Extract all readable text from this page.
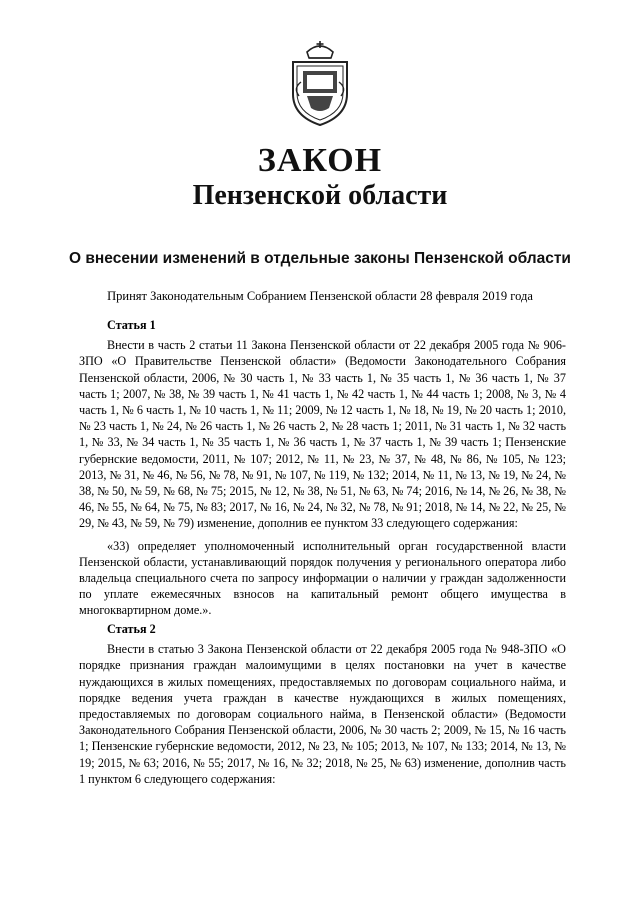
ЗАКОН
Пензенской области
О внесении изменений в отдельные законы Пензенской области
Принят Законодательным Собранием Пензенской области 28 февраля 2019 года

Статья 1

Внести в часть 2 статьи 11 Закона Пензенской области от 22 декабря 2005 года № 906-ЗПО «О Правительстве Пензенской области» (Ведомости Законодательного Собрания Пензенской области, 2006, № 30 часть 1, № 33 часть 1, № 35 часть 1, № 36 часть 1, № 37 часть 1; 2007, № 38, № 39 часть 1, № 41 часть 1, № 42 часть 1, № 44 часть 1; 2008, № 3, № 4 часть 1, № 6 часть 1, № 10 часть 1, № 11; 2009, № 12 часть 1, № 18, № 19, № 20 часть 1; 2010, № 23 часть 1, № 24, № 26 часть 1, № 26 часть 2, № 28 часть 1; 2011, № 31 часть 1, № 32 часть 1, № 33, № 34 часть 1, № 35 часть 1, № 36 часть 1, № 37 часть 1, № 39 часть 1; Пензенские губернские ведомости, 2011, № 107; 2012, № 11, № 23, № 37, № 48, № 86, № 105, № 123; 2013, № 31, № 46, № 56, № 78, № 91, № 107, № 119, № 132; 2014, № 11, № 13, № 19, № 24, № 38, № 50, № 59, № 68, № 75; 2015, № 12, № 38, № 51, № 63, № 74; 2016, № 14, № 26, № 38, № 46, № 55, № 64, № 75, № 83; 2017, № 16, № 24, № 32, № 78, № 91; 2018, № 14, № 22, № 25, № 29, № 43, № 59, № 79) изменение, дополнив ее пунктом 33 следующего содержания:

«33) определяет уполномоченный исполнительный орган государственной власти Пензенской области, устанавливающий порядок получения у регионального оператора либо владельца специального счета по запросу информации о наличии у граждан задолженности по уплате ежемесячных взносов на капитальный ремонт общего имущества в многоквартирном доме.».

Статья 2

Внести в статью 3 Закона Пензенской области от 22 декабря 2005 года № 948-ЗПО «О порядке признания граждан малоимущими в целях постановки на учет в качестве нуждающихся в жилых помещениях, предоставляемых по договорам социального найма, и порядке ведения учета граждан в качестве нуждающихся в жилых помещениях, предоставляемых по договорам социального найма, в Пензенской области» (Ведомости Законодательного Собрания Пензенской области, 2006, № 30 часть 2; 2009, № 15, № 16 часть 1; Пензенские губернские ведомости, 2012, № 23, № 105; 2013, № 107, № 133; 2014, № 13, № 19; 2015, № 63; 2016, № 55; 2017, № 16, № 32; 2018, № 25, № 63) изменение, дополнив часть 1 пунктом 6 следующего содержания:
